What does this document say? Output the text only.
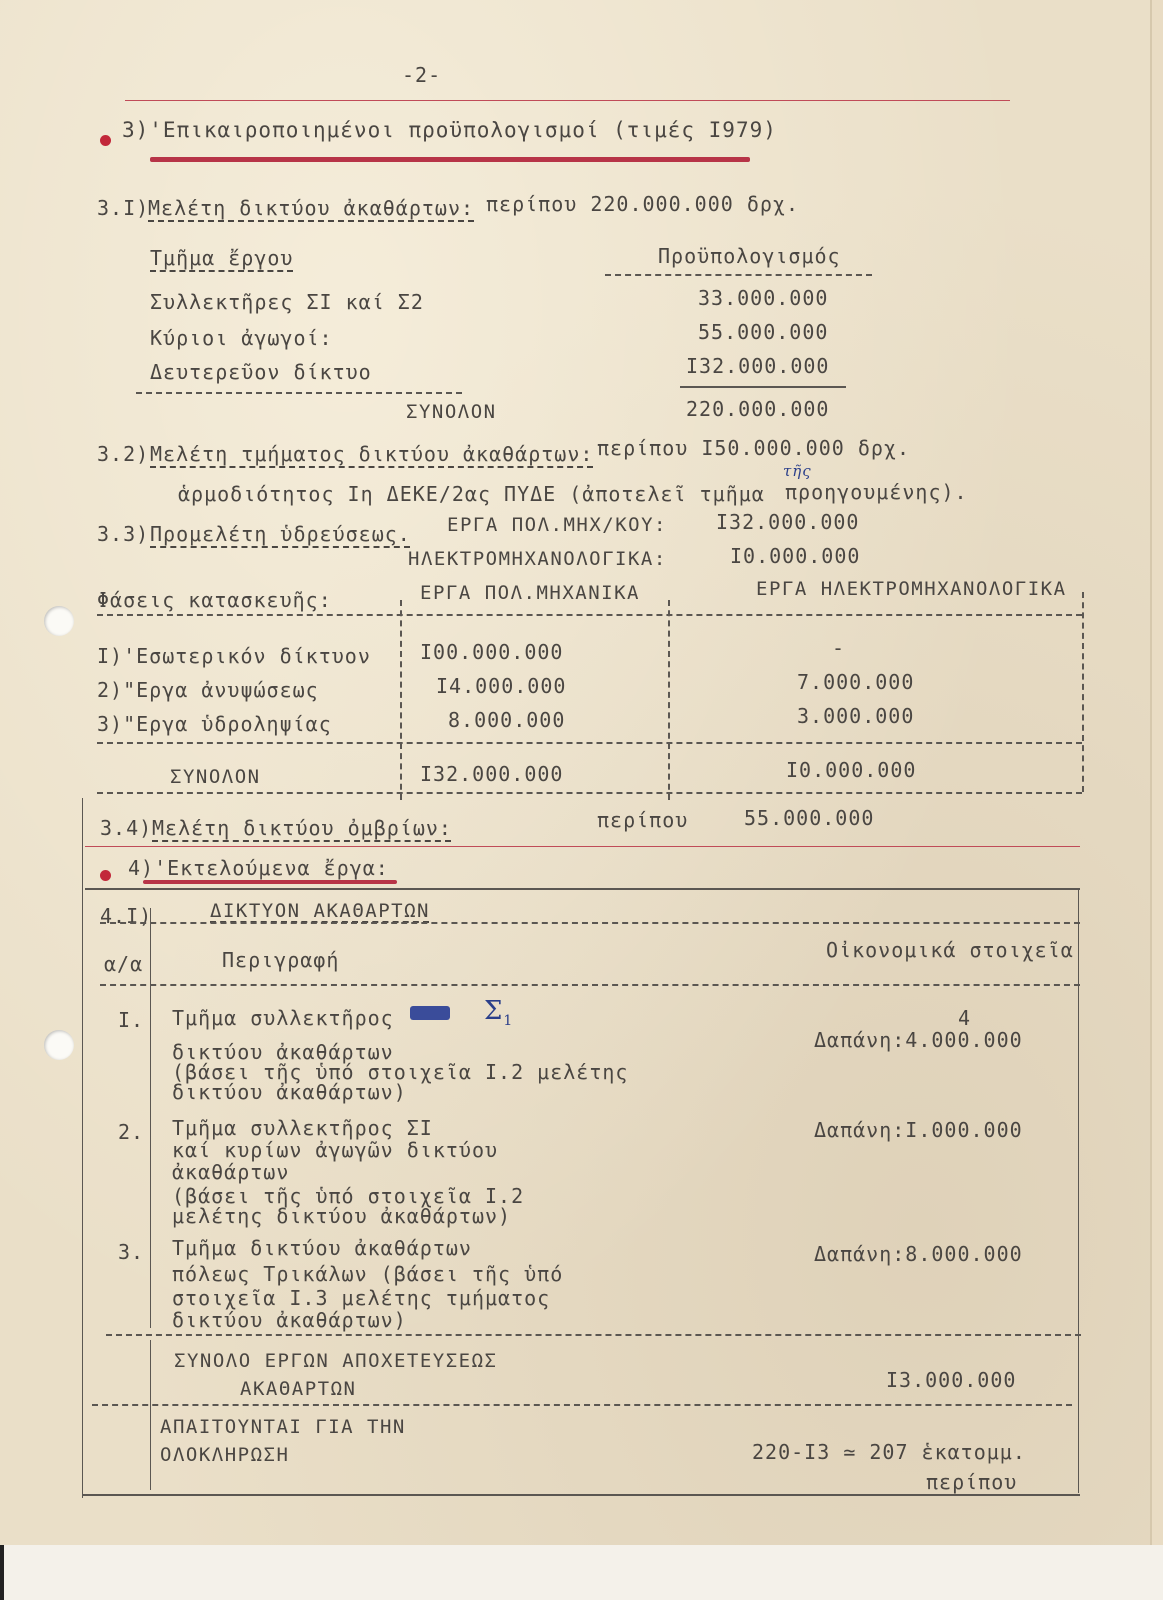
-2-
3)'Επικαιροποιημένοι προϋπολογισμοί (τιμές Ι979)
3.Ι)
Μελέτη δικτύου ἀκαθάρτων: περίπου 220.000.000 δρχ.
Τμῆμα ἔργου	Προϋπολογισμός
Συλλεκτῆρες ΣΙ καί Σ2	33.000.000
Κύριοι ἀγωγοί:	55.000.000
Δευτερεῦον δίκτυο	Ι32.000.000
ΣΥΝΟΛΟΝ	220.000.000
3.2) Μελέτη τμήματος δικτύου ἀκαθάρτων: περίπου Ι50.000.000 δρχ.
ἁρμοδιότητος Ιη ΔΕΚΕ/2ας ΠΥΔΕ (ἀποτελεῖ τμῆμα
τῆς
προηγουμένης).
3.3) Προμελέτη ὑδρεύσεως. ΕΡΓΑ ΠΟΛ.ΜΗΧ/ΚΟΥ: Ι32.000.000
ΗΛΕΚΤΡΟΜΗΧΑΝΟΛΟΓΙΚΑ:	Ι0.000.000
Φάσεις κατασκευῆς:	ΕΡΓΑ ΠΟΛ.ΜΗΧΑΝΙΚΑ	ΕΡΓΑ ΗΛΕΚΤΡΟΜΗΧΑΝΟΛΟΓΙΚΑ
Ι)'Εσωτερικόν δίκτυον Ι00.000.000	-
2)"Εργα ἀνυψώσεως	Ι4.000.000	7.000.000
3)"Εργα ὑδροληψίας	8.000.000	3.000.000
ΣΥΝΟΛΟΝ	Ι32.000.000	Ι0.000.000
3.4) Μελέτη δικτύου ὀμβρίων:	περίπου	55.000.000
4)'Εκτελούμενα ἔργα:
4.Ι)	ΔΙΚΤΥΟΝ ΑΚΑΘΑΡΤΩΝ
α/α	Περιγραφή	Οἰκονομικά στοιχεῖα
Ι. Τμῆμα συλλεκτῆρος	$\Sigma_1$	4
Δαπάνη:4.000.000
δικτύου ἀκαθάρτων
(βάσει τῆς ὑπό στοιχεῖα Ι.2 μελέτης
δικτύου ἀκαθάρτων)
2. Τμῆμα συλλεκτῆρος ΣΙ	Δαπάνη:Ι.000.000
καί κυρίων ἀγωγῶν δικτύου
ἀκαθάρτων
(βάσει τῆς ὑπό στοιχεῖα Ι.2
μελέτης δικτύου ἀκαθάρτων)
3. Τμῆμα δικτύου ἀκαθάρτων	Δαπάνη:8.000.000
πόλεως Τρικάλων (βάσει τῆς ὑπό
στοιχεῖα Ι.3 μελέτης τμήματος
δικτύου ἀκαθάρτων)
ΣΥΝΟΛΟ ΕΡΓΩΝ ΑΠΟΧΕΤΕΥΣΕΩΣ
ΑΚΑΘΑΡΤΩΝ	Ι3.000.000
ΑΠΑΙΤΟΥΝΤΑΙ ΓΙΑ ΤΗΝ
ΟΛΟΚΛΗΡΩΣΗ	220-Ι3 ≃ 207 ἑκατομμ.
περίπου
